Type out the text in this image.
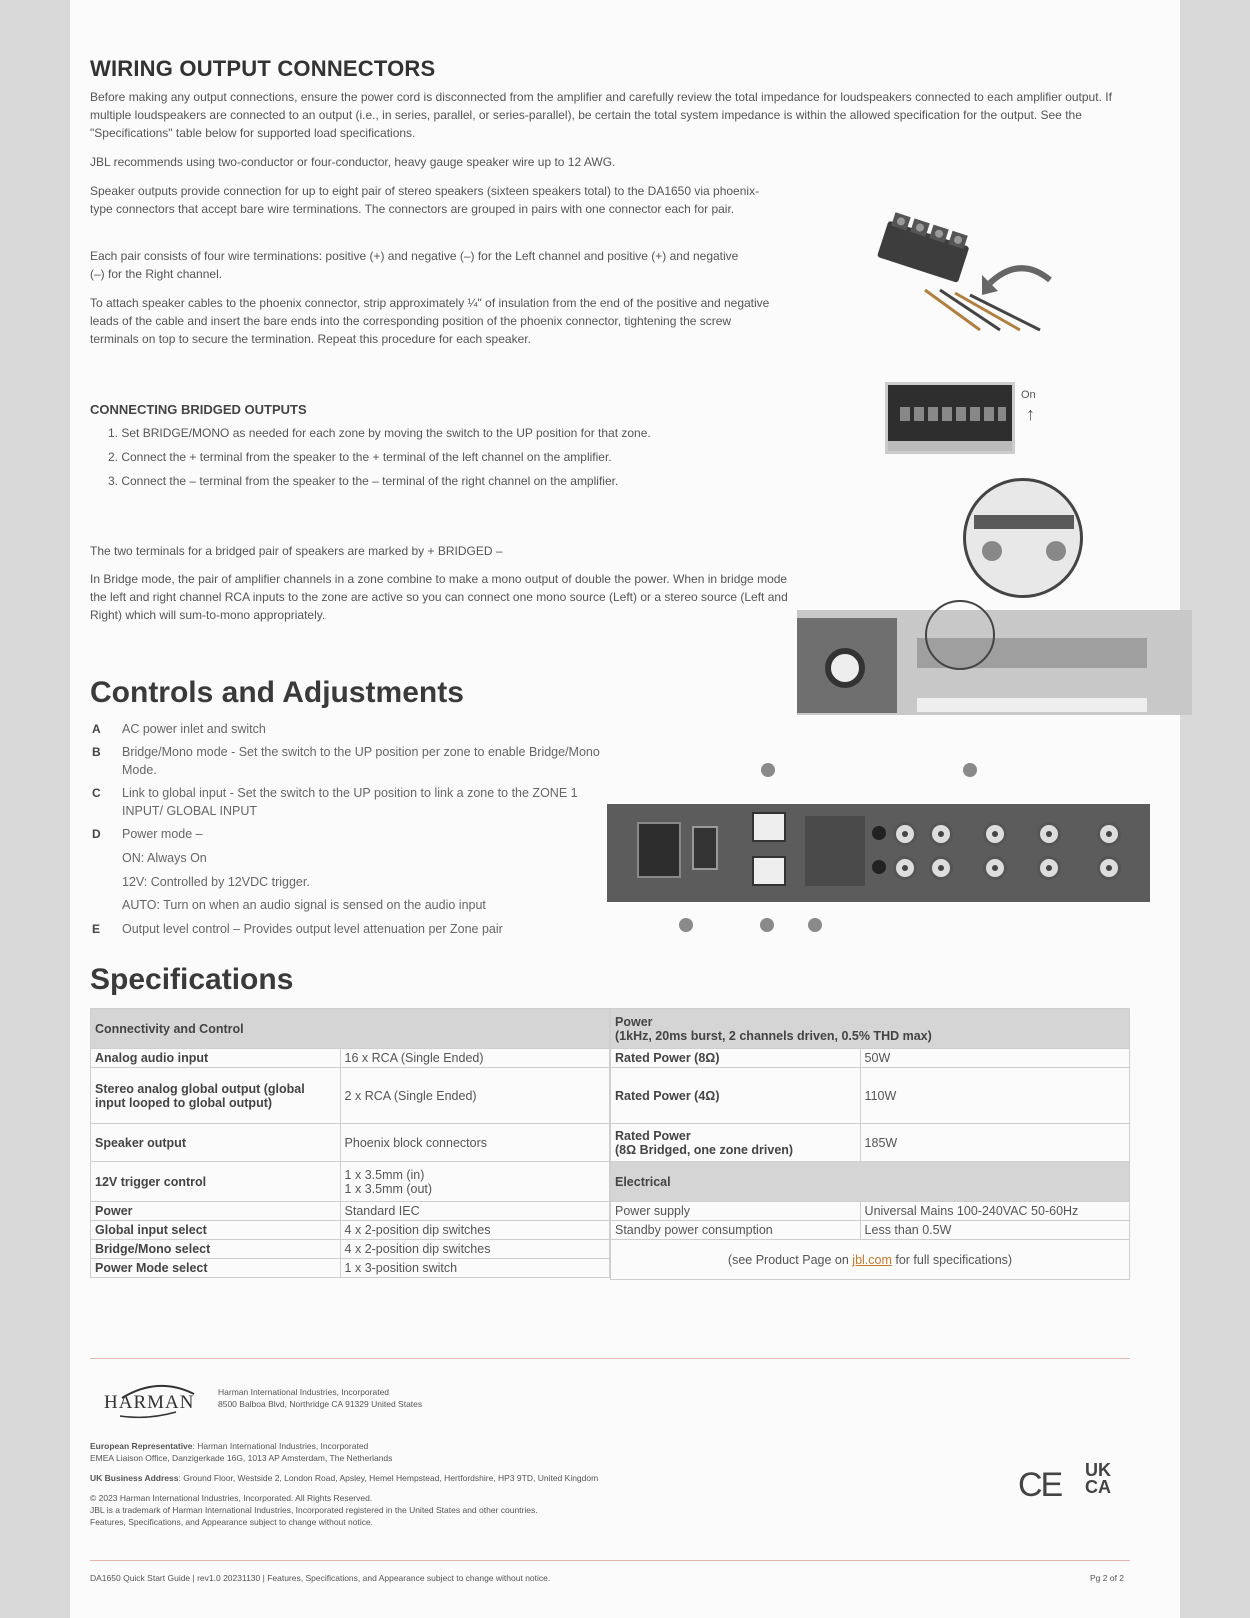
WIRING OUTPUT CONNECTORS

Before making any output connections, ensure the power cord is disconnected from the amplifier and carefully review the total impedance for loudspeakers connected to each amplifier output. If multiple loudspeakers are connected to an output (i.e., in series, parallel, or series-parallel), be certain the total system impedance is within the allowed specification for the output. See the "Specifications" table below for supported load specifications.

JBL recommends using two-conductor or four-conductor, heavy gauge speaker wire up to 12 AWG.

Speaker outputs provide connection for up to eight pair of stereo speakers (sixteen speakers total) to the DA1650 via phoenix-type connectors that accept bare wire terminations. The connectors are grouped in pairs with one connector each for pair.

Each pair consists of four wire terminations: positive (+) and negative (–) for the Left channel and positive (+) and negative (–) for the Right channel.

To attach speaker cables to the phoenix connector, strip approximately ¼" of insulation from the end of the positive and negative leads of the cable and insert the bare ends into the corresponding position of the phoenix connector, tightening the screw terminals on top to secure the termination. Repeat this procedure for each speaker.

CONNECTING BRIDGED OUTPUTS
1. Set BRIDGE/MONO as needed for each zone by moving the switch to the UP position for that zone.
2. Connect the + terminal from the speaker to the + terminal of the left channel on the amplifier.
3. Connect the – terminal from the speaker to the – terminal of the right channel on the amplifier.

The two terminals for a bridged pair of speakers are marked by + BRIDGED –

In Bridge mode, the pair of amplifier channels in a zone combine to make a mono output of double the power. When in bridge mode the left and right channel RCA inputs to the zone are active so you can connect one mono source (Left) or a stereo source (Left and Right) which will sum-to-mono appropriately.

On
↑
Controls and Adjustments
A AC power inlet and switch
B Bridge/Mono mode - Set the switch to the UP position per zone to enable Bridge/Mono Mode.
C Link to global input - Set the switch to the UP position to link a zone to the ZONE 1 INPUT/ GLOBAL INPUT
D Power mode –
ON: Always On
12V: Controlled by 12VDC trigger.
AUTO: Turn on when an audio signal is sensed on the audio input
E Output level control – Provides output level attenuation per Zone pair
Specifications
Connectivity and Control	
Analog audio input	16 x RCA (Single Ended)
Stereo analog global output (global input looped to global output)	2 x RCA (Single Ended)
Speaker output	Phoenix block connectors
12V trigger control	1 x 3.5mm (in)
1 x 3.5mm (out)
Power	Standard IEC
Global input select	4 x 2-position dip switches
Bridge/Mono select	4 x 2-position dip switches
Power Mode select	1 x 3-position switch
Power
(1kHz, 20ms burst, 2 channels driven, 0.5% THD max)	

Rated Power (8Ω)	50W
Rated Power (4Ω)	110W
Rated Power
(8Ω Bridged, one zone driven)	185W
Electrical	
Power supply	Universal Mains 100-240VAC 50-60Hz
Standby power consumption	Less than 0.5W
(see Product Page on jbl.com for full specifications)	
HARMAN	Harman International Industries, Incorporated
8500 Balboa Blvd, Northridge CA 91329 United States
European Representative: Harman International Industries, Incorporated
EMEA Liaison Office, Danzigerkade 16G, 1013 AP Amsterdam, The Netherlands
UK Business Address: Ground Floor, Westside 2, London Road, Apsley, Hemel Hempstead, Hertfordshire, HP3 9TD, United Kingdom
© 2023 Harman International Industries, Incorporated. All Rights Reserved.
JBL is a trademark of Harman International Industries, Incorporated registered in the United States and other countries.
Features, Specifications, and Appearance subject to change without notice.
CE UK
CA
DA1650 Quick Start Guide | rev1.0 20231130 | Features, Specifications, and Appearance subject to change without notice.	Pg 2 of 2
